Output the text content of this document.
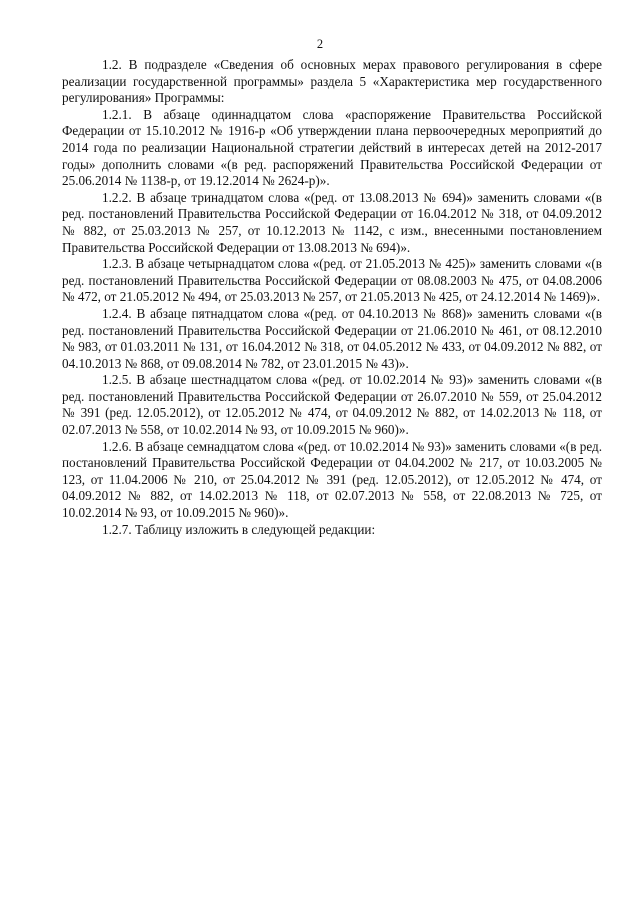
2

1.2. В подразделе «Сведения об основных мерах правового регулирования в сфере реализации государственной программы» раздела 5 «Характеристика мер государственного регулирования» Программы:

1.2.1. В абзаце одиннадцатом слова «распоряжение Правительства Российской Федерации от 15.10.2012 № 1916-р «Об утверждении плана первоочередных мероприятий до 2014 года по реализации Национальной стратегии действий в интересах детей на 2012-2017 годы» дополнить словами «(в ред. распоряжений Правительства Российской Федерации от 25.06.2014 № 1138-р, от 19.12.2014 № 2624-р)».

1.2.2. В абзаце тринадцатом слова «(ред. от 13.08.2013 № 694)» заменить словами «(в ред. постановлений Правительства Российской Федерации от 16.04.2012 № 318, от 04.09.2012 № 882, от 25.03.2013 № 257, от 10.12.2013 № 1142, с изм., внесенными постановлением Правительства Российской Федерации от 13.08.2013 № 694)».

1.2.3. В абзаце четырнадцатом слова «(ред. от 21.05.2013 № 425)» заменить словами «(в ред. постановлений Правительства Российской Федерации от 08.08.2003 № 475, от 04.08.2006 № 472, от 21.05.2012 № 494, от 25.03.2013 № 257, от 21.05.2013 № 425, от 24.12.2014 № 1469)».

1.2.4. В абзаце пятнадцатом слова «(ред. от 04.10.2013 № 868)» заменить словами «(в ред. постановлений Правительства Российской Федерации от 21.06.2010 № 461, от 08.12.2010 № 983, от 01.03.2011 № 131, от 16.04.2012 № 318, от 04.05.2012 № 433, от 04.09.2012 № 882, от 04.10.2013 № 868, от 09.08.2014 № 782, от 23.01.2015 № 43)».

1.2.5. В абзаце шестнадцатом слова «(ред. от 10.02.2014 № 93)» заменить словами «(в ред. постановлений Правительства Российской Федерации от 26.07.2010 № 559, от 25.04.2012 № 391 (ред. 12.05.2012), от 12.05.2012 № 474, от 04.09.2012 № 882, от 14.02.2013 № 118, от 02.07.2013 № 558, от 10.02.2014 № 93, от 10.09.2015 № 960)».

1.2.6. В абзаце семнадцатом слова «(ред. от 10.02.2014 № 93)» заменить словами «(в ред. постановлений Правительства Российской Федерации от 04.04.2002 № 217, от 10.03.2005 № 123, от 11.04.2006 № 210, от 25.04.2012 № 391 (ред. 12.05.2012), от 12.05.2012 № 474, от 04.09.2012 № 882, от 14.02.2013 № 118, от 02.07.2013 № 558, от 22.08.2013 № 725, от 10.02.2014 № 93, от 10.09.2015 № 960)».

1.2.7. Таблицу изложить в следующей редакции:
